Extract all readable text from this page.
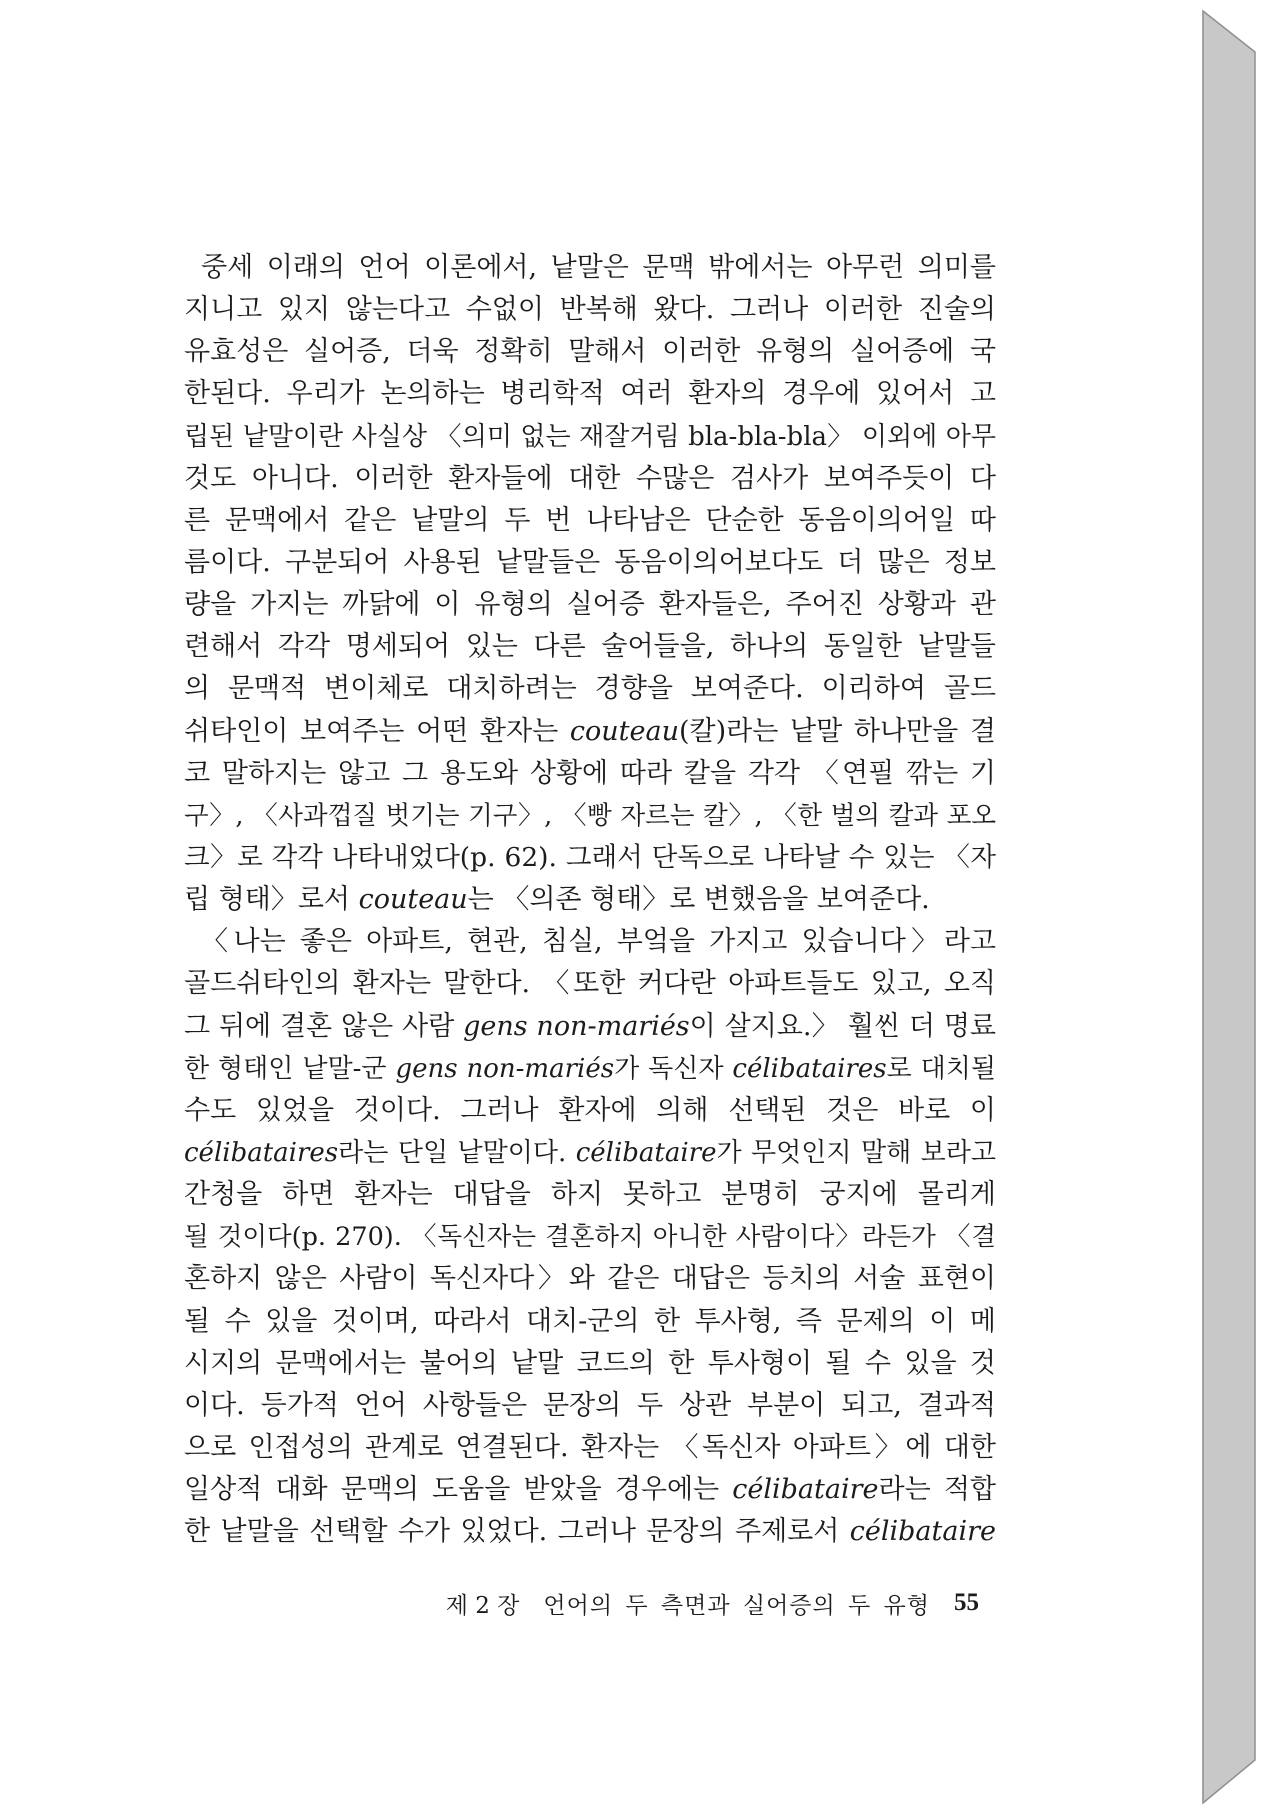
중세 이래의 언어 이론에서, 낱말은 문맥 밖에서는 아무런 의미를
지니고 있지 않는다고 수없이 반복해 왔다. 그러나 이러한 진술의
유효성은 실어증, 더욱 정확히 말해서 이러한 유형의 실어증에 국
한된다. 우리가 논의하는 병리학적 여러 환자의 경우에 있어서 고
립된 낱말이란 사실상 〈의미 없는 재잘거림 bla-bla-bla〉 이외에 아무
것도 아니다. 이러한 환자들에 대한 수많은 검사가 보여주듯이 다
른 문맥에서 같은 낱말의 두 번 나타남은 단순한 동음이의어일 따
름이다. 구분되어 사용된 낱말들은 동음이의어보다도 더 많은 정보
량을 가지는 까닭에 이 유형의 실어증 환자들은, 주어진 상황과 관
련해서 각각 명세되어 있는 다른 술어들을, 하나의 동일한 낱말들
의 문맥적 변이체로 대치하려는 경향을 보여준다. 이리하여 골드
쉬타인이 보여주는 어떤 환자는 couteau(칼)라는 낱말 하나만을 결
코 말하지는 않고 그 용도와 상황에 따라 칼을 각각 〈연필 깎는 기
구〉, 〈사과껍질 벗기는 기구〉, 〈빵 자르는 칼〉, 〈한 벌의 칼과 포오
크〉로 각각 나타내었다(p. 62). 그래서 단독으로 나타날 수 있는 〈자
립 형태〉로서 couteau는 〈의존 형태〉로 변했음을 보여준다.
〈나는 좋은 아파트, 현관, 침실, 부엌을 가지고 있습니다〉라고
골드쉬타인의 환자는 말한다. 〈또한 커다란 아파트들도 있고, 오직
그 뒤에 결혼 않은 사람 gens non-mariés이 살지요.〉 훨씬 더 명료
한 형태인 낱말-군 gens non-mariés가 독신자 célibataires로 대치될
수도 있었을 것이다. 그러나 환자에 의해 선택된 것은 바로 이
célibataires라는 단일 낱말이다. célibataire가 무엇인지 말해 보라고
간청을 하면 환자는 대답을 하지 못하고 분명히 궁지에 몰리게
될 것이다(p. 270). 〈독신자는 결혼하지 아니한 사람이다〉라든가 〈결
혼하지 않은 사람이 독신자다〉와 같은 대답은 등치의 서술 표현이
될 수 있을 것이며, 따라서 대치-군의 한 투사형, 즉 문제의 이 메
시지의 문맥에서는 불어의 낱말 코드의 한 투사형이 될 수 있을 것
이다. 등가적 언어 사항들은 문장의 두 상관 부분이 되고, 결과적
으로 인접성의 관계로 연결된다. 환자는 〈독신자 아파트〉에 대한
일상적 대화 문맥의 도움을 받았을 경우에는 célibataire라는 적합
한 낱말을 선택할 수가 있었다. 그러나 문장의 주제로서 célibataire
제 2 장 언어의 두 측면과 실어증의 두 유형 55
